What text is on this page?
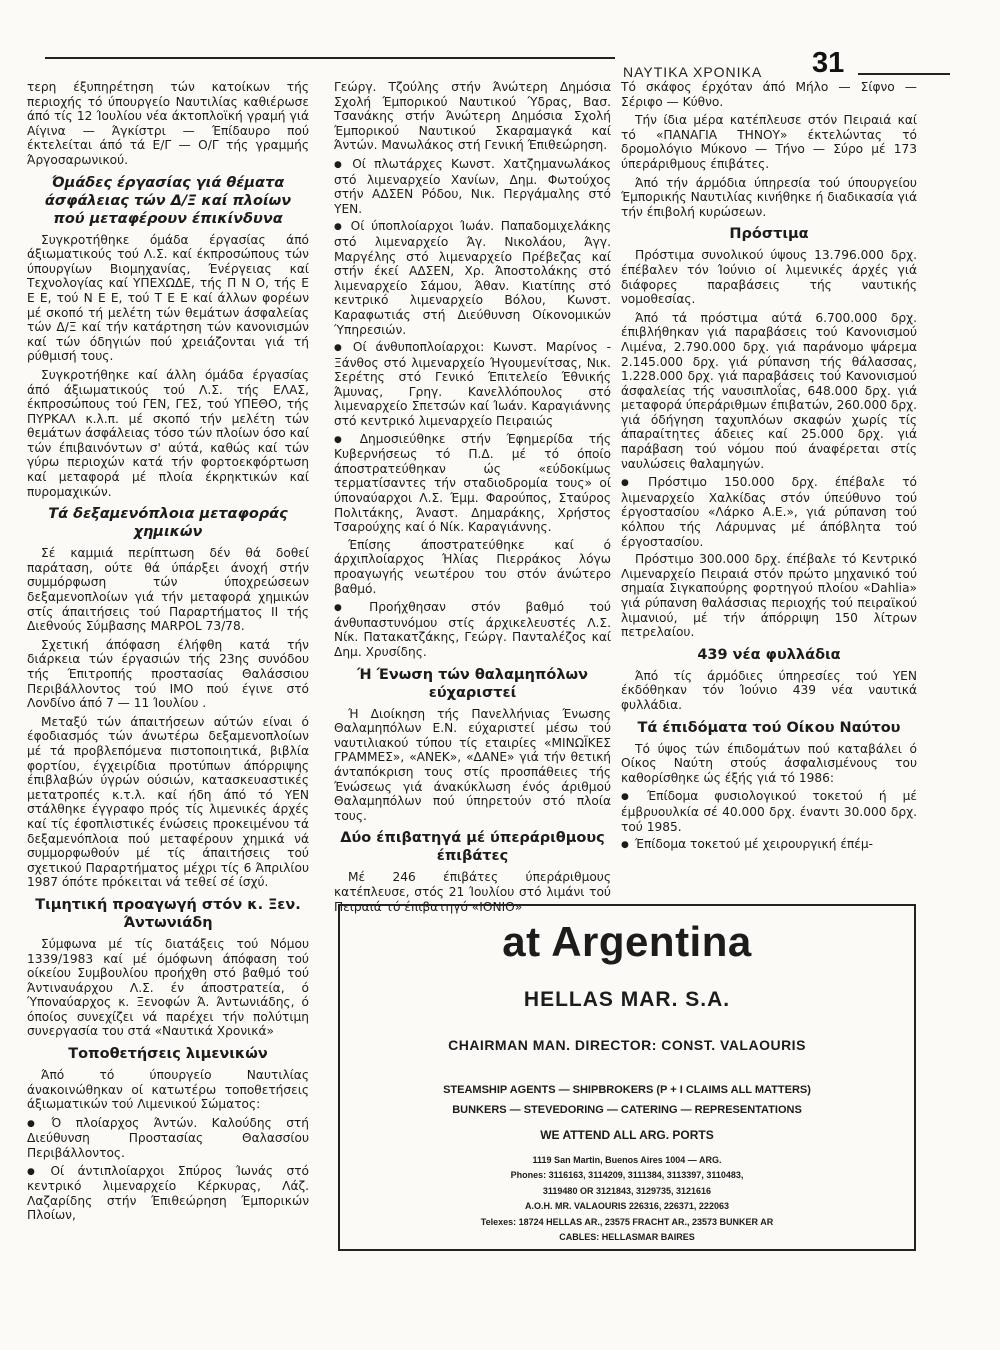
ΝΑΥΤΙΚΑ ΧΡΟΝΙΚΑ 31

τερη έξυπηρέτηση τών κατοίκων τής περιοχής τό ύπουργείο Ναυτιλίας καθιέρωσε άπό τίς 12 Ίουλίου νέα άκτοπλοϊκή γραμή γιά Αίγινα — Άγκίστρι — Έπίδαυρο πού έκτελείται άπό τά Ε/Γ — Ο/Γ τής γραμμής Άργοσαρωνικού.

Όμάδες έργασίας γιά θέματα άσφάλειας τών Δ/Ξ καί πλοίων πού μεταφέρουν έπικίνδυνα

Συγκροτήθηκε όμάδα έργασίας άπό άξιωματικούς τού Λ.Σ. καί έκπροσώπους τών ύπουργίων Βιομηχανίας, Ένέργειας καί Τεχνολογίας καί ΥΠΕΧΩΔΕ, τής Π Ν Ο, τής Ε Ε Ε, τού Ν Ε Ε, τού Τ Ε Ε καί άλλων φορέων μέ σκοπό τή μελέτη τών θεμάτων άσφαλείας τών Δ/Ξ καί τήν κατάρτηση τών κανονισμών καί τών όδηγιών πού χρειάζονται γιά τή ρύθμισή τους.

Συγκροτήθηκε καί άλλη όμάδα έργασίας άπό άξιωματικούς τού Λ.Σ. τής ΕΛΑΣ, έκπροσώπους τού ΓΕΝ, ΓΕΣ, τού ΥΠΕΘΟ, τής ΠΥΡΚΑΛ κ.λ.π. μέ σκοπό τήν μελέτη τών θεμάτων άσφάλειας τόσο τών πλοίων όσο καί τών έπιβαινόντων σ' αύτά, καθώς καί τών γύρω περιοχών κατά τήν φορτοεκφόρτωση καί μεταφορά μέ πλοία έκρηκτικών καί πυρομαχικών.

Τά δεξαμενόπλοια μεταφοράς χημικών

Σέ καμμιά περίπτωση δέν θά δοθεί παράταση, ούτε θά ύπάρξει άνοχή στήν συμμόρφωση τών ύποχρεώσεων δεξαμενοπλοίων γιά τήν μεταφορά χημικών στίς άπαιτήσεις τού Παραρτήματος ΙΙ τής Διεθνούς Σύμβασης MARPOL 73/78.

Σχετική άπόφαση έλήφθη κατά τήν διάρκεια τών έργασιών τής 23ης συνόδου τής Έπιτροπής προστασίας Θαλάσσιου Περιβάλλοντος τού ΙΜΟ πού έγινε στό Λονδίνο άπό 7 — 11 Ίουλίου .

Μεταξύ τών άπαιτήσεων αύτών είναι ό έφοδιασμός τών άνωτέρω δεξαμενοπλοίων μέ τά προβλεπόμενα πιστοποιητικά, βιβλία φορτίου, έγχειρίδια προτύπων άπόρριψης έπιβλαβών ύγρών ούσιών, κατασκευαστικές μετατροπές κ.τ.λ. καί ήδη άπό τό ΥΕΝ στάλθηκε έγγραφο πρός τίς λιμενικές άρχές καί τίς έφοπλιστικές ένώσεις προκειμένου τά δεξαμενόπλοια πού μεταφέρουν χημικά νά συμμορφωθούν μέ τίς άπαιτήσεις τού σχετικού Παραρτήματος μέχρι τίς 6 Άπριλίου 1987 όπότε πρόκειται νά τεθεί σέ ίσχύ.

Τιμητική προαγωγή στόν κ. Ξεν. Άντωνιάδη

Σύμφωνα μέ τίς διατάξεις τού Νόμου 1339/1983 καί μέ όμόφωνη άπόφαση τού οίκείου Συμβουλίου προήχθη στό βαθμό τού Άντιναυάρχου Λ.Σ. έν άποστρατεία, ό Ύποναύαρχος κ. Ξενοφών Ά. Άντωνιάδης, ό όποίος συνεχίζει νά παρέχει τήν πολύτιμη συνεργασία του στά «Ναυτικά Χρονικά»

Τοποθετήσεις λιμενικών

Άπό τό ύπουργείο Ναυτιλίας άνακοινώθηκαν οί κατωτέρω τοποθετήσεις άξιωματικών τού Λιμενικού Σώματος:

● Ό πλοίαρχος Άντών. Καλούδης στή Διεύθυνση Προστασίας Θαλασσίου Περιβάλλοντος.
● Οί άντιπλοίαρχοι Σπύρος Ίωνάς στό κεντρικό λιμεναρχείο Κέρκυρας, Λάζ. Λαζαρίδης στήν Έπιθεώρηση Έμπορικών Πλοίων,

Γεώργ. Τζούλης στήν Άνώτερη Δημόσια Σχολή Έμπορικού Ναυτικού Ύδρας, Βασ. Τσανάκης στήν Άνώτερη Δημόσια Σχολή Έμπορικού Ναυτικού Σκαραμαγκά καί Άντών. Μανωλάκος στή Γενική Έπιθεώρηση.

● Οί πλωτάρχες Κωνστ. Χατζημανωλάκος στό λιμεναρχείο Χανίων, Δημ. Φωτούχος στήν ΑΔΣΕΝ Ρόδου, Νικ. Περγάμαλης στό ΥΕΝ.
● Οί ύποπλοίαρχοι Ίωάν. Παπαδομιχελάκης στό λιμεναρχείο Άγ. Νικολάου, Άγγ. Μαργέλης στό λιμεναρχείο Πρέβεζας καί στήν έκεί ΑΔΣΕΝ, Χρ. Άποστολάκης στό λιμεναρχείο Σάμου, Άθαν. Κιατίπης στό κεντρικό λιμεναρχείο Βόλου, Κωνστ. Καραφωτιάς στή Διεύθυνση Οίκονομικών Ύπηρεσιών.
● Οί άνθυποπλοίαρχοι: Κωνστ. Μαρίνος - Ξάνθος στό λιμεναρχείο Ήγουμενίτσας, Νικ. Σερέτης στό Γενικό Έπιτελείο Έθνικής Άμυνας, Γρηγ. Κανελλόπουλος στό λιμεναρχείο Σπετσών καί Ίωάν. Καραγιάννης στό κεντρικό λιμεναρχείο Πειραιώς
● Δημοσιεύθηκε στήν Έφημερίδα τής Κυβερνήσεως τό Π.Δ. μέ τό όποίο άποστρατεύθηκαν ώς «εύδοκίμως τερματίσαντες τήν σταδιοδρομία τους» οί ύποναύαρχοι Λ.Σ. Έμμ. Φαρούπος, Σταύρος Πολιτάκης, Άναστ. Δημαράκης, Χρήστος Τσαρούχης καί ό Νίκ. Καραγιάννης.

Έπίσης άποστρατεύθηκε καί ό άρχιπλοίαρχος Ήλίας Πιερράκος λόγω προαγωγής νεωτέρου του στόν άνώτερο βαθμό.

● Προήχθησαν στόν βαθμό τού άνθυπαστυνόμου στίς άρχικελευστές Λ.Σ. Νίκ. Πατακατζάκης, Γεώργ. Πανταλέζος καί Δημ. Χρυσίδης.
Ή Ένωση τών θαλαμηπόλων εύχαριστεί

Ή Διοίκηση τής Πανελλήνιας Ένωσης Θαλαμηπόλων Ε.Ν. εύχαριστεί μέσω τού ναυτιλιακού τύπου τίς εταιρίες «ΜΙΝΩΪΚΕΣ ΓΡΑΜΜΕΣ», «ΑΝΕΚ», «ΔΑΝΕ» γιά τήν θετική άνταπόκριση τους στίς προσπάθειες τής Ένώσεως γιά άνακύκλωση ένός άριθμού Θαλαμηπόλων πού ύπηρετούν στό πλοία τους.

Δύο έπιβατηγά μέ ύπεράριθμους έπιβάτες

Μέ 246 έπιβάτες ύπεράριθμους κατέπλευσε, στός 21 Ίουλίου στό λιμάνι τού Πειραιά τό έπιβατηγό «ΙΟΝΙΟ»

Τό σκάφος έρχόταν άπό Μήλο — Σίφνο — Σέριφο — Κύθνο.

Τήν ίδια μέρα κατέπλευσε στόν Πειραιά καί τό «ΠΑΝΑΓΙΑ ΤΗΝΟΥ» έκτελώντας τό δρομολόγιο Μύκονο — Τήνο — Σύρο μέ 173 ύπεράριθμους έπιβάτες.

Άπό τήν άρμόδια ύπηρεσία τού ύπουργείου Έμπορικής Ναυτιλίας κινήθηκε ή διαδικασία γιά τήν έπιβολή κυρώσεων.

Πρόστιμα

Πρόστιμα συνολικού ύψους 13.796.000 δρχ. έπέβαλεν τόν Ίούνιο οί λιμενικές άρχές γιά διάφορες παραβάσεις τής ναυτικής νομοθεσίας.

Άπό τά πρόστιμα αύτά 6.700.000 δρχ. έπιβλήθηκαν γιά παραβάσεις τού Κανονισμού Λιμένα, 2.790.000 δρχ. γιά παράνομο ψάρεμα 2.145.000 δρχ. γιά ρύπανση τής θάλασσας, 1.228.000 δρχ. γιά παραβάσεις τού Κανονισμού άσφαλείας τής ναυσιπλοΐας, 648.000 δρχ. γιά μεταφορά ύπεράριθμων έπιβατών, 260.000 δρχ. γιά όδήγηση ταχυπλόων σκαφών χωρίς τίς άπαραίτητες άδειες καί 25.000 δρχ. γιά παράβαση τού νόμου πού άναφέρεται στίς ναυλώσεις θαλαμηγών.

● Πρόστιμο 150.000 δρχ. έπέβαλε τό λιμεναρχείο Χαλκίδας στόν ύπεύθυνο τού έργοστασίου «Λάρκο Α.Ε.», γιά ρύπανση τού κόλπου τής Λάρυμνας μέ άπόβλητα τού έργοστασίου.

Πρόστιμο 300.000 δρχ. έπέβαλε τό Κεντρικό Λιμεναρχείο Πειραιά στόν πρώτο μηχανικό τού σημαία Σιγκαπούρης φορτηγού πλοίου «Dahlia» γιά ρύπανση θαλάσσιας περιοχής τού πειραϊκού λιμανιού, μέ τήν άπόρριψη 150 λίτρων πετρελαίου.

439 νέα φυλλάδια

Άπό τίς άρμόδιες ύπηρεσίες τού ΥΕΝ έκδόθηκαν τόν Ίούνιο 439 νέα ναυτικά φυλλάδια.

Τά έπιδόματα τού Οίκου Ναύτου

Τό ύψος τών έπιδομάτων πού καταβάλει ό Οίκος Ναύτη στούς άσφαλισμένους του καθορίσθηκε ώς έξής γιά τό 1986:

● Έπίδομα φυσιολογικού τοκετού ή μέ έμβρυουλκία σέ 40.000 δρχ. έναντι 30.000 δρχ. τού 1985.
● Έπίδομα τοκετού μέ χειρουργική έπέμ-
at Argentina
HELLAS MAR. S.A.
CHAIRMAN MAN. DIRECTOR: CONST. VALAOURIS
STEAMSHIP AGENTS — SHIPBROKERS (P + I CLAIMS ALL MATTERS)
BUNKERS — STEVEDORING — CATERING — REPRESENTATIONS
WE ATTEND ALL ARG. PORTS
1119 San Martin, Buenos Aires 1004 — ARG.
Phones: 3116163, 3114209, 3111384, 3113397, 3110483,
3119480 OR 3121843, 3129735, 3121616
A.O.H. MR. VALAOURIS 226316, 226371, 222063
Telexes: 18724 HELLAS AR., 23575 FRACHT AR., 23573 BUNKER AR
CABLES: HELLASMAR BAIRES
